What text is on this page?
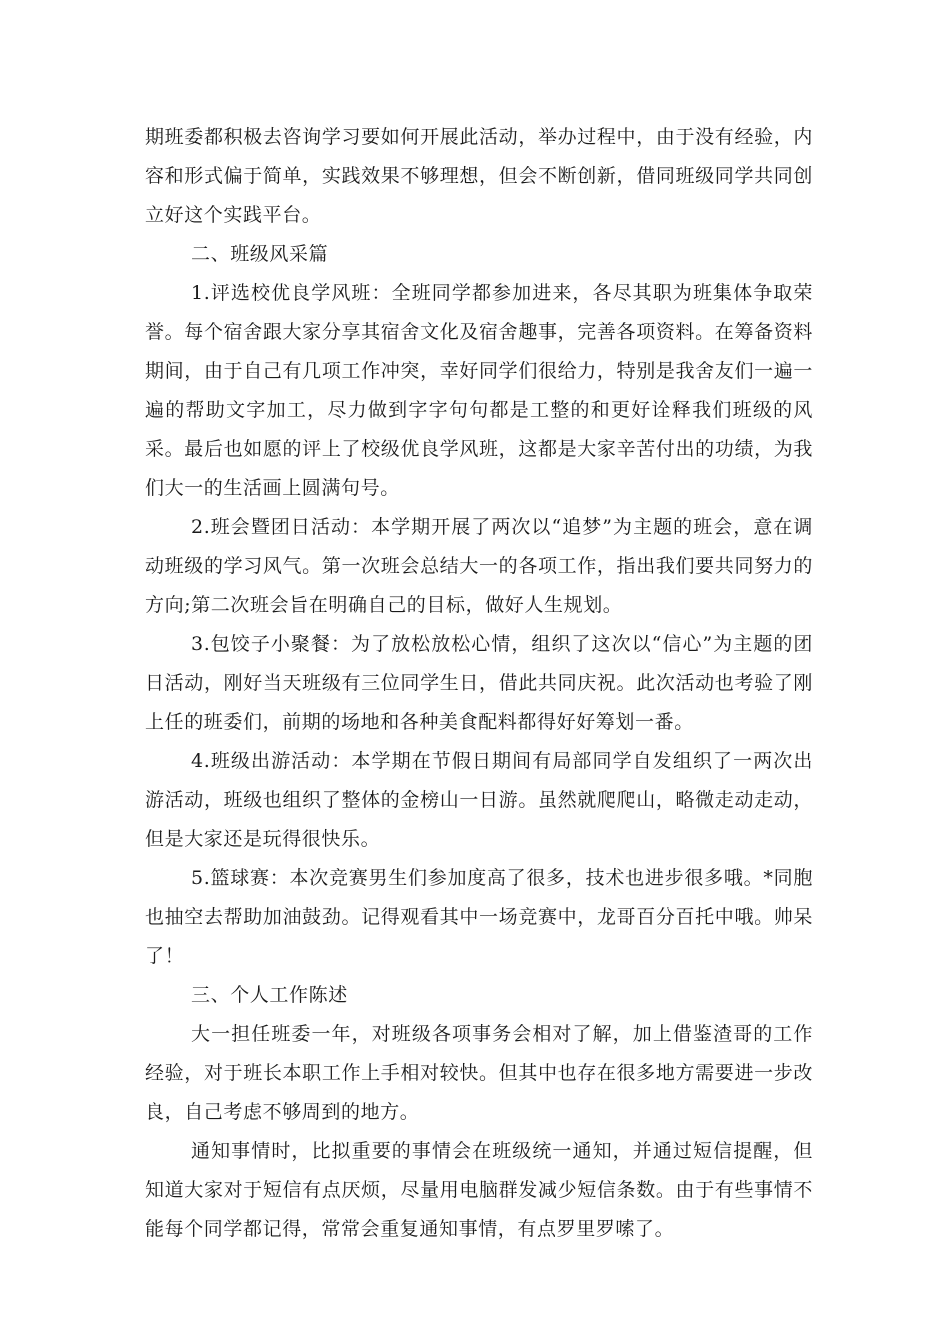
期班委都积极去咨询学习要如何开展此活动，举办过程中，由于没有经验，内容和形式偏于简单，实践效果不够理想，但会不断创新，借同班级同学共同创立好这个实践平台。

二、班级风采篇

1.评选校优良学风班：全班同学都参加进来，各尽其职为班集体争取荣誉。每个宿舍跟大家分享其宿舍文化及宿舍趣事，完善各项资料。在筹备资料期间，由于自己有几项工作冲突，幸好同学们很给力，特别是我舍友们一遍一遍的帮助文字加工，尽力做到字字句句都是工整的和更好诠释我们班级的风采。最后也如愿的评上了校级优良学风班，这都是大家辛苦付出的功绩，为我们大一的生活画上圆满句号。

2.班会暨团日活动：本学期开展了两次以“追梦”为主题的班会，意在调动班级的学习风气。第一次班会总结大一的各项工作，指出我们要共同努力的方向;第二次班会旨在明确自己的目标，做好人生规划。

3.包饺子小聚餐：为了放松放松心情，组织了这次以“信心”为主题的团日活动，刚好当天班级有三位同学生日，借此共同庆祝。此次活动也考验了刚上任的班委们，前期的场地和各种美食配料都得好好筹划一番。

4.班级出游活动：本学期在节假日期间有局部同学自发组织了一两次出游活动，班级也组织了整体的金榜山一日游。虽然就爬爬山，略微走动走动，但是大家还是玩得很快乐。

5.篮球赛：本次竞赛男生们参加度高了很多，技术也进步很多哦。*同胞也抽空去帮助加油鼓劲。记得观看其中一场竞赛中，龙哥百分百托中哦。帅呆了！

三、个人工作陈述

大一担任班委一年，对班级各项事务会相对了解，加上借鉴渣哥的工作经验，对于班长本职工作上手相对较快。但其中也存在很多地方需要进一步改良，自己考虑不够周到的地方。

通知事情时，比拟重要的事情会在班级统一通知，并通过短信提醒，但知道大家对于短信有点厌烦，尽量用电脑群发减少短信条数。由于有些事情不能每个同学都记得，常常会重复通知事情，有点罗里罗嗦了。
